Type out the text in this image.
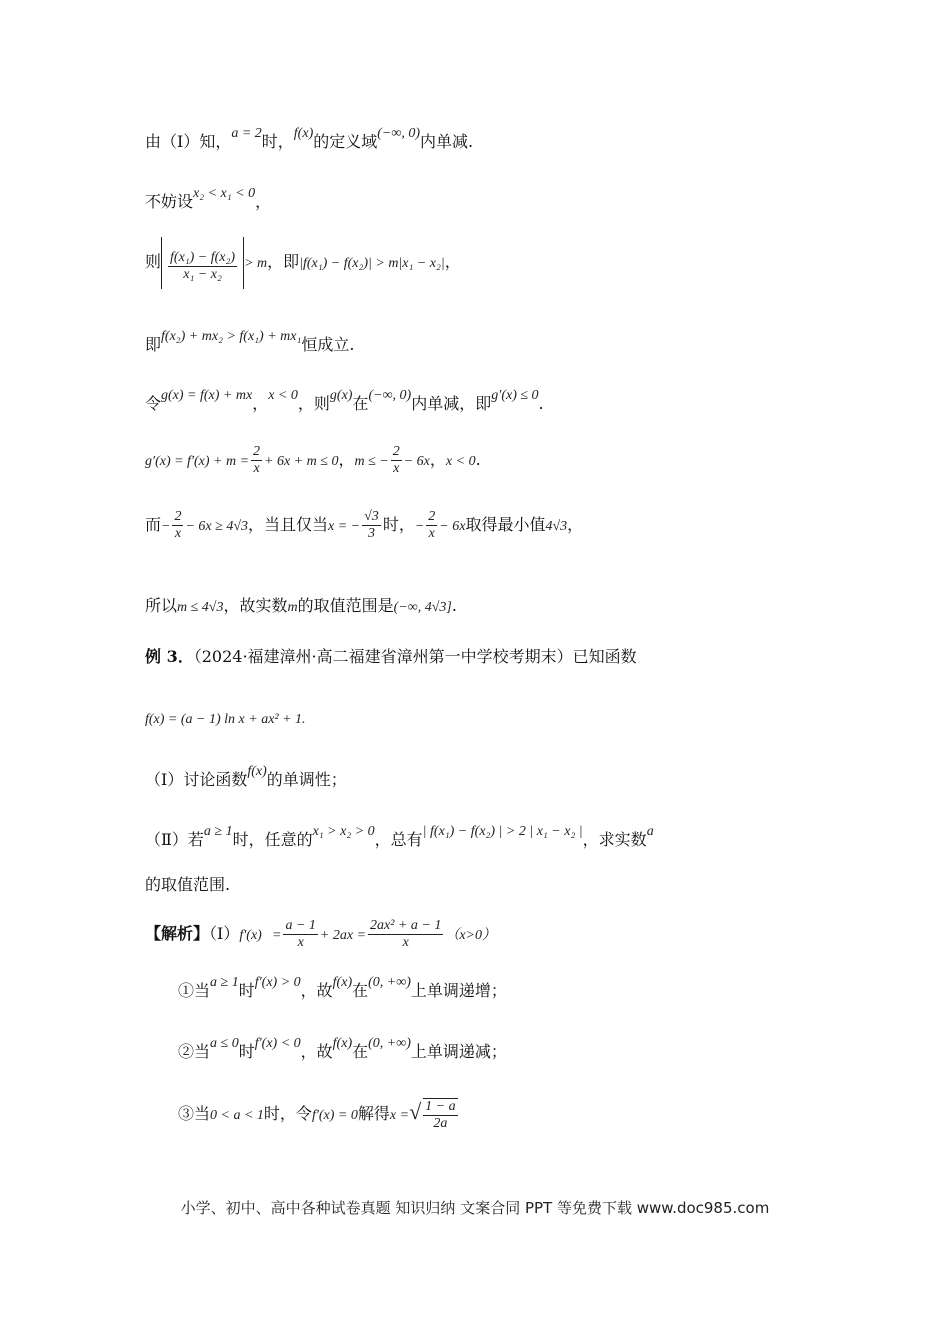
由（Ⅰ）知，a = 2时，f(x)的定义域(−∞, 0)内单减.
不妨设x₂ < x₁ < 0，
则 $\frac{\text{f(x₁) − f(x₂)}}{\text{x₁ − x₂}} > m$，即|f(x₁) − f(x₂)| > m|x₁ − x₂|，
即f(x₂) + mx₂ > f(x₁) + mx₁恒成立.
令g(x) = f(x) + mx，x < 0，则g(x)在(−∞, 0)内单减，即g′(x) ≤ 0.
$g'(x) = f'(x) + m = \frac{2}{x} + 6x + m \le 0$，m ≤ − $\frac{2}{x} - 6x$，x < 0.
而− $\frac{2}{x} - 6x \ge 4√3$，当且仅当x = − $\frac{√3}{3}$ 时，− $\frac{2}{x} - 6x$取得最小值4√3，
所以m ≤ 4√3，故实数m的取值范围是(−∞, 4√3].
例 3．（2024·福建漳州·高二福建省漳州第一中学校考期末）已知函数
f(x) = (a − 1) ln x + ax² + 1.
（Ⅰ）讨论函数f(x)的单调性；
（Ⅱ）若a ≥ 1时，任意的x₁ > x₂ > 0，总有| f(x₁) − f(x₂) | > 2 | x₁ − x₂ |，求实数a
的取值范围.
【解析】（Ⅰ）f′(x) = $\frac{a - 1}{x} + 2ax = \frac{\text{2ax² + a − 1}}{x} (x>0)$
①当a ≥ 1时f′(x) > 0，故f(x)在(0, +∞)上单调递增；
②当a ≤ 0时f′(x) < 0，故f(x)在(0, +∞)上单调递减；
③当0 < a < 1时，令f′(x) = 0解得x =√ $\frac{1 - a}{2a}$
小学、初中、高中各种试卷真题 知识归纳 文案合同 PPT 等免费下载 www.doc985.com
